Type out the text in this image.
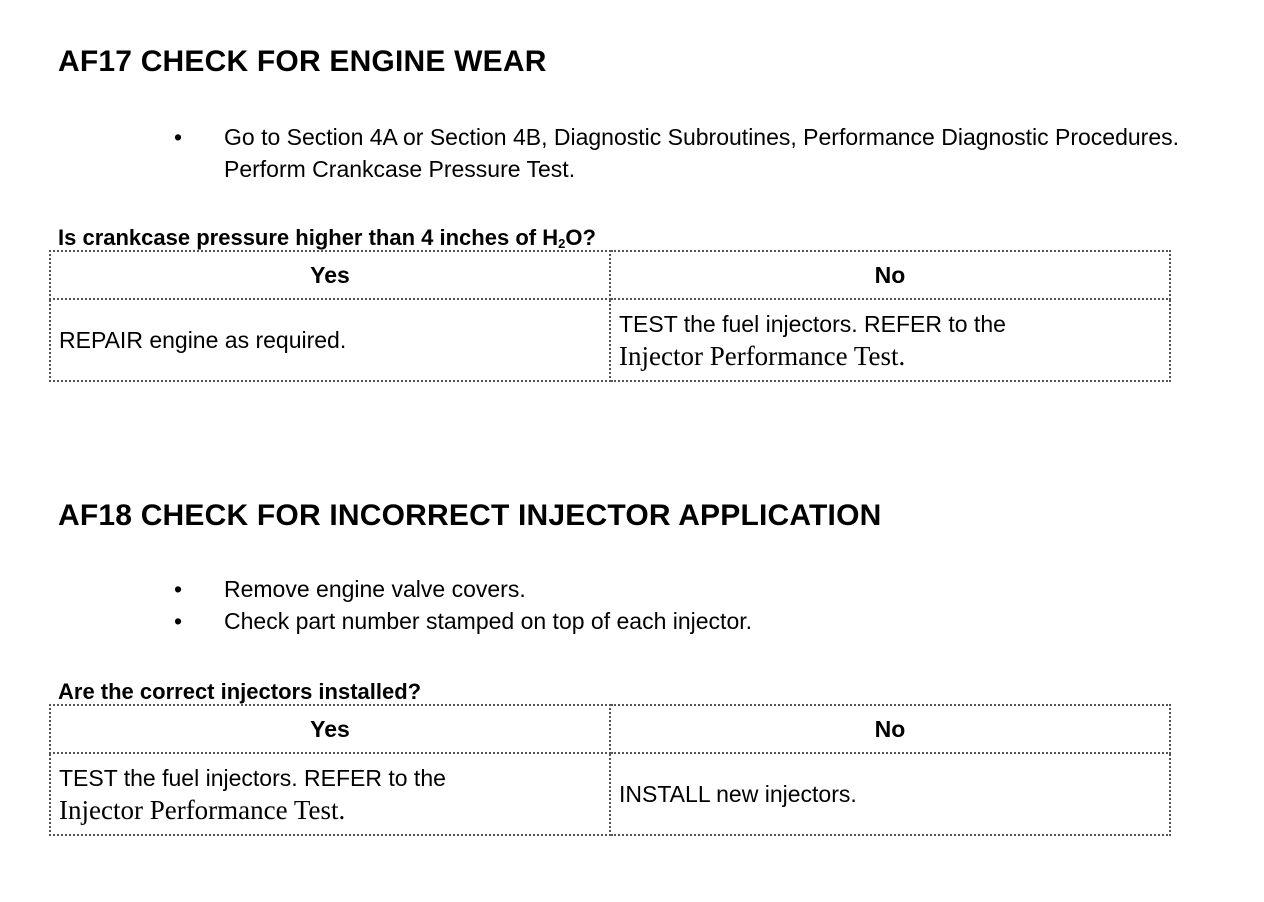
AF17 CHECK FOR ENGINE WEAR
• Go to Section 4A or Section 4B, Diagnostic Subroutines, Performance Diagnostic Procedures. Perform Crankcase Pressure Test.

Is crankcase pressure higher than 4 inches of $H_2O$?

Yes	No
REPAIR engine as required.	TEST the fuel injectors. REFER to the
Injector Performance Test.
AF18 CHECK FOR INCORRECT INJECTOR APPLICATION
• Remove engine valve covers.
• Check part number stamped on top of each injector.

Are the correct injectors installed?

Yes	No
TEST the fuel injectors. REFER to the
Injector Performance Test.	INSTALL new injectors.
